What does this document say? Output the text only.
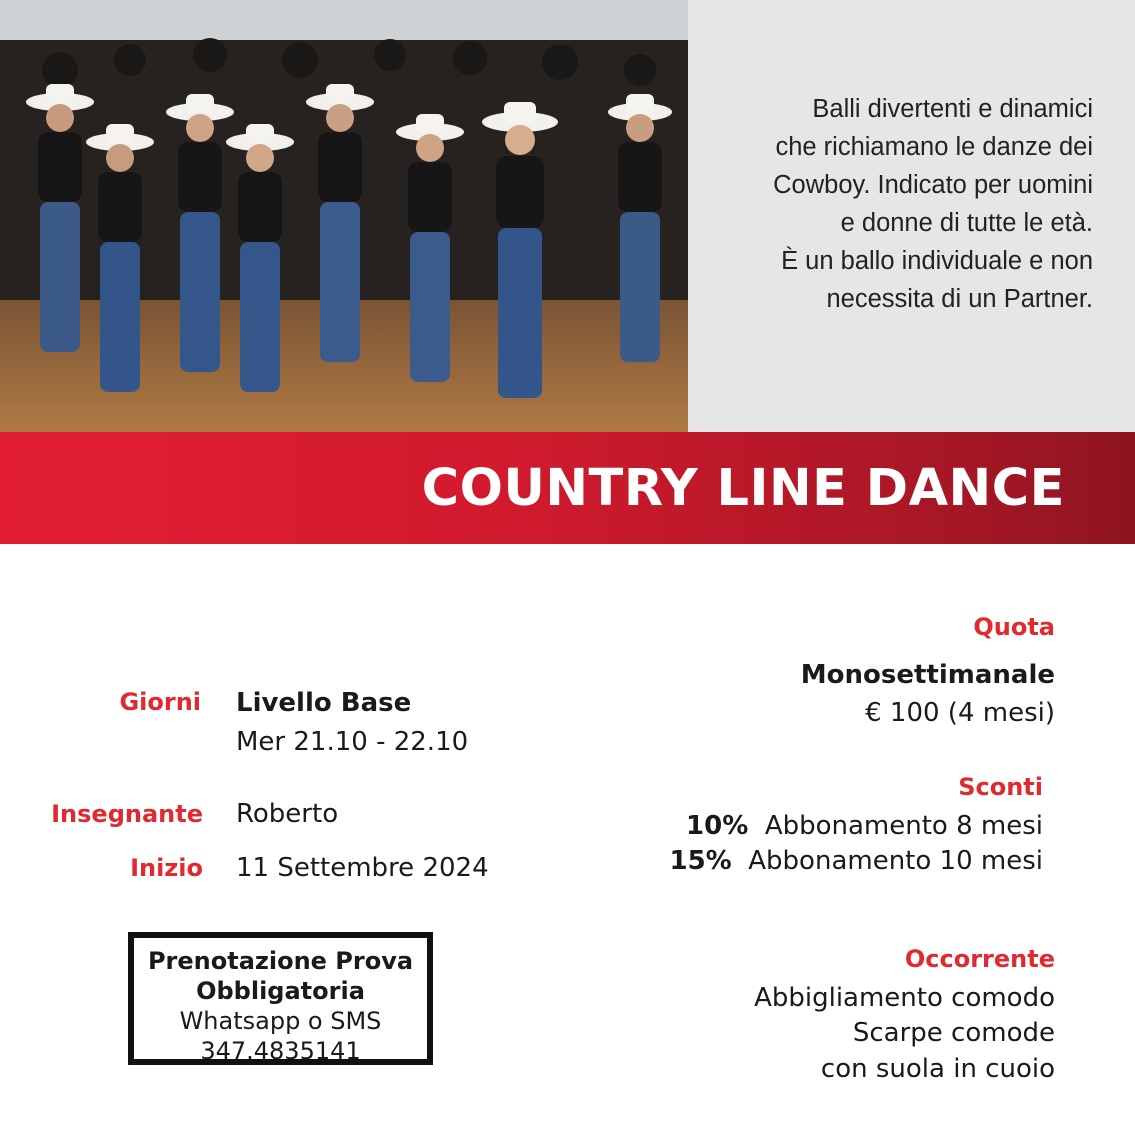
Balli divertenti e dinamici
che richiamano le danze dei
Cowboy. Indicato per uomini
e donne di tutte le età.
È un ballo individuale e non
necessita di un Partner.
COUNTRY LINE DANCE
Giorni Livello Base
Mer 21.10 - 22.10
Insegnante Roberto
Inizio 11 Settembre 2024
Prenotazione Prova
Obbligatoria
Whatsapp o SMS
347.4835141
Quota
Monosettimanale
€ 100 (4 mesi)
Sconti
10% Abbonamento 8 mesi
15% Abbonamento 10 mesi
Occorrente
Abbigliamento comodo
Scarpe comode
con suola in cuoio
